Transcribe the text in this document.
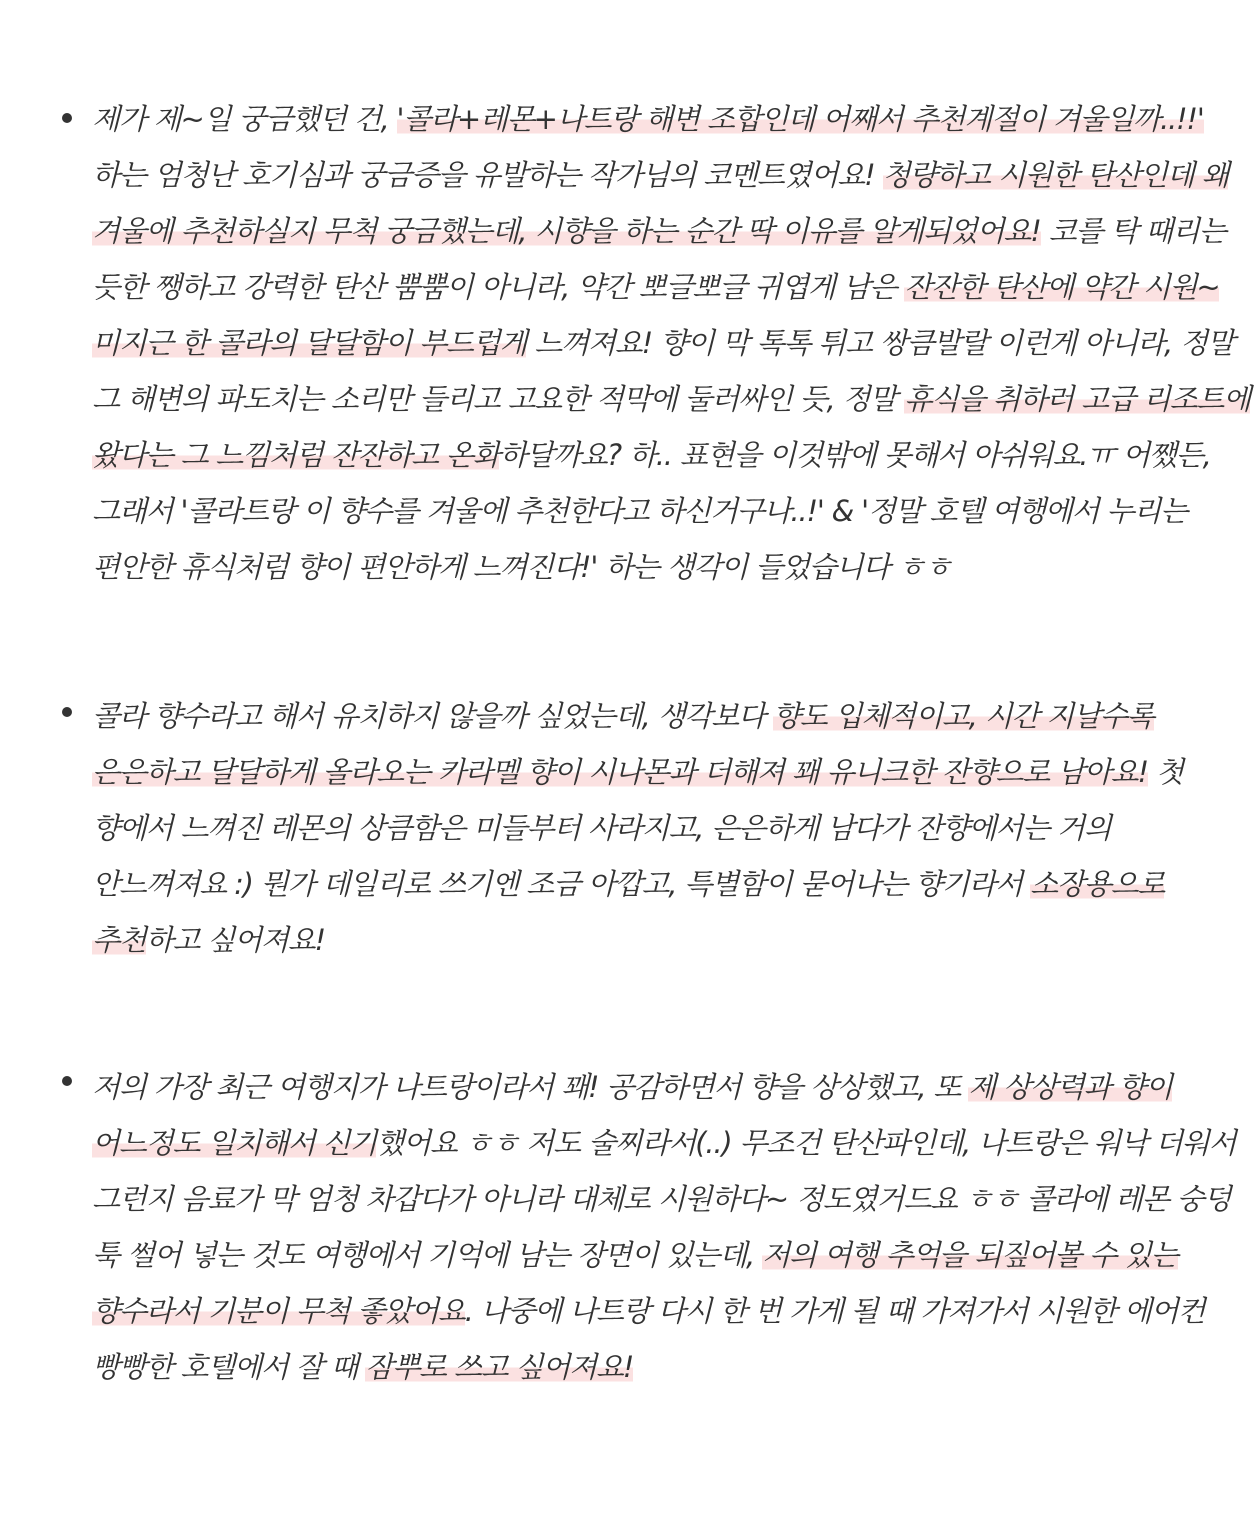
제가 제~일 궁금했던 건, '콜라+레몬+나트랑 해변 조합인데 어째서 추천계절이 겨울일까..!!' 하는 엄청난 호기심과 궁금증을 유발하는 작가님의 코멘트였어요! 청량하고 시원한 탄산인데 왜 겨울에 추천하실지 무척 궁금했는데, 시향을 하는 순간 딱 이유를 알게되었어요! 코를 탁 때리는 듯한 쨍하고 강력한 탄산 뿜뿜이 아니라, 약간 뽀글뽀글 귀엽게 남은 잔잔한 탄산에 약간 시원~ 미지근 한 콜라의 달달함이 부드럽게 느껴져요! 향이 막 톡톡 튀고 쌍큼발랄 이런게 아니라, 정말 그 해변의 파도치는 소리만 들리고 고요한 적막에 둘러싸인 듯, 정말 휴식을 취하러 고급 리조트에 왔다는 그 느낌처럼 잔잔하고 온화하달까요? 하.. 표현을 이것밖에 못해서 아쉬워요.ㅠ 어쨌든, 그래서 '콜라트랑 이 향수를 겨울에 추천한다고 하신거구나..!' & '정말 호텔 여행에서 누리는 편안한 휴식처럼 향이 편안하게 느껴진다!' 하는 생각이 들었습니다 ㅎㅎ

콜라 향수라고 해서 유치하지 않을까 싶었는데, 생각보다 향도 입체적이고, 시간 지날수록 은은하고 달달하게 올라오는 카라멜 향이 시나몬과 더해져 꽤 유니크한 잔향으로 남아요! 첫 향에서 느껴진 레몬의 상큼함은 미들부터 사라지고, 은은하게 남다가 잔향에서는 거의 안느껴져요 :) 뭔가 데일리로 쓰기엔 조금 아깝고, 특별함이 묻어나는 향기라서 소장용으로 추천하고 싶어져요!

저의 가장 최근 여행지가 나트랑이라서 꽤! 공감하면서 향을 상상했고, 또 제 상상력과 향이 어느정도 일치해서 신기했어요 ㅎㅎ 저도 술찌라서(..) 무조건 탄산파인데, 나트랑은 워낙 더워서 그런지 음료가 막 엄청 차갑다가 아니라 대체로 시원하다~ 정도였거드요 ㅎㅎ 콜라에 레몬 숭덩 툭 썰어 넣는 것도 여행에서 기억에 남는 장면이 있는데, 저의 여행 추억을 되짚어볼 수 있는 향수라서 기분이 무척 좋았어요. 나중에 나트랑 다시 한 번 가게 될 때 가져가서 시원한 에어컨 빵빵한 호텔에서 잘 때 잠뿌로 쓰고 싶어져요!
